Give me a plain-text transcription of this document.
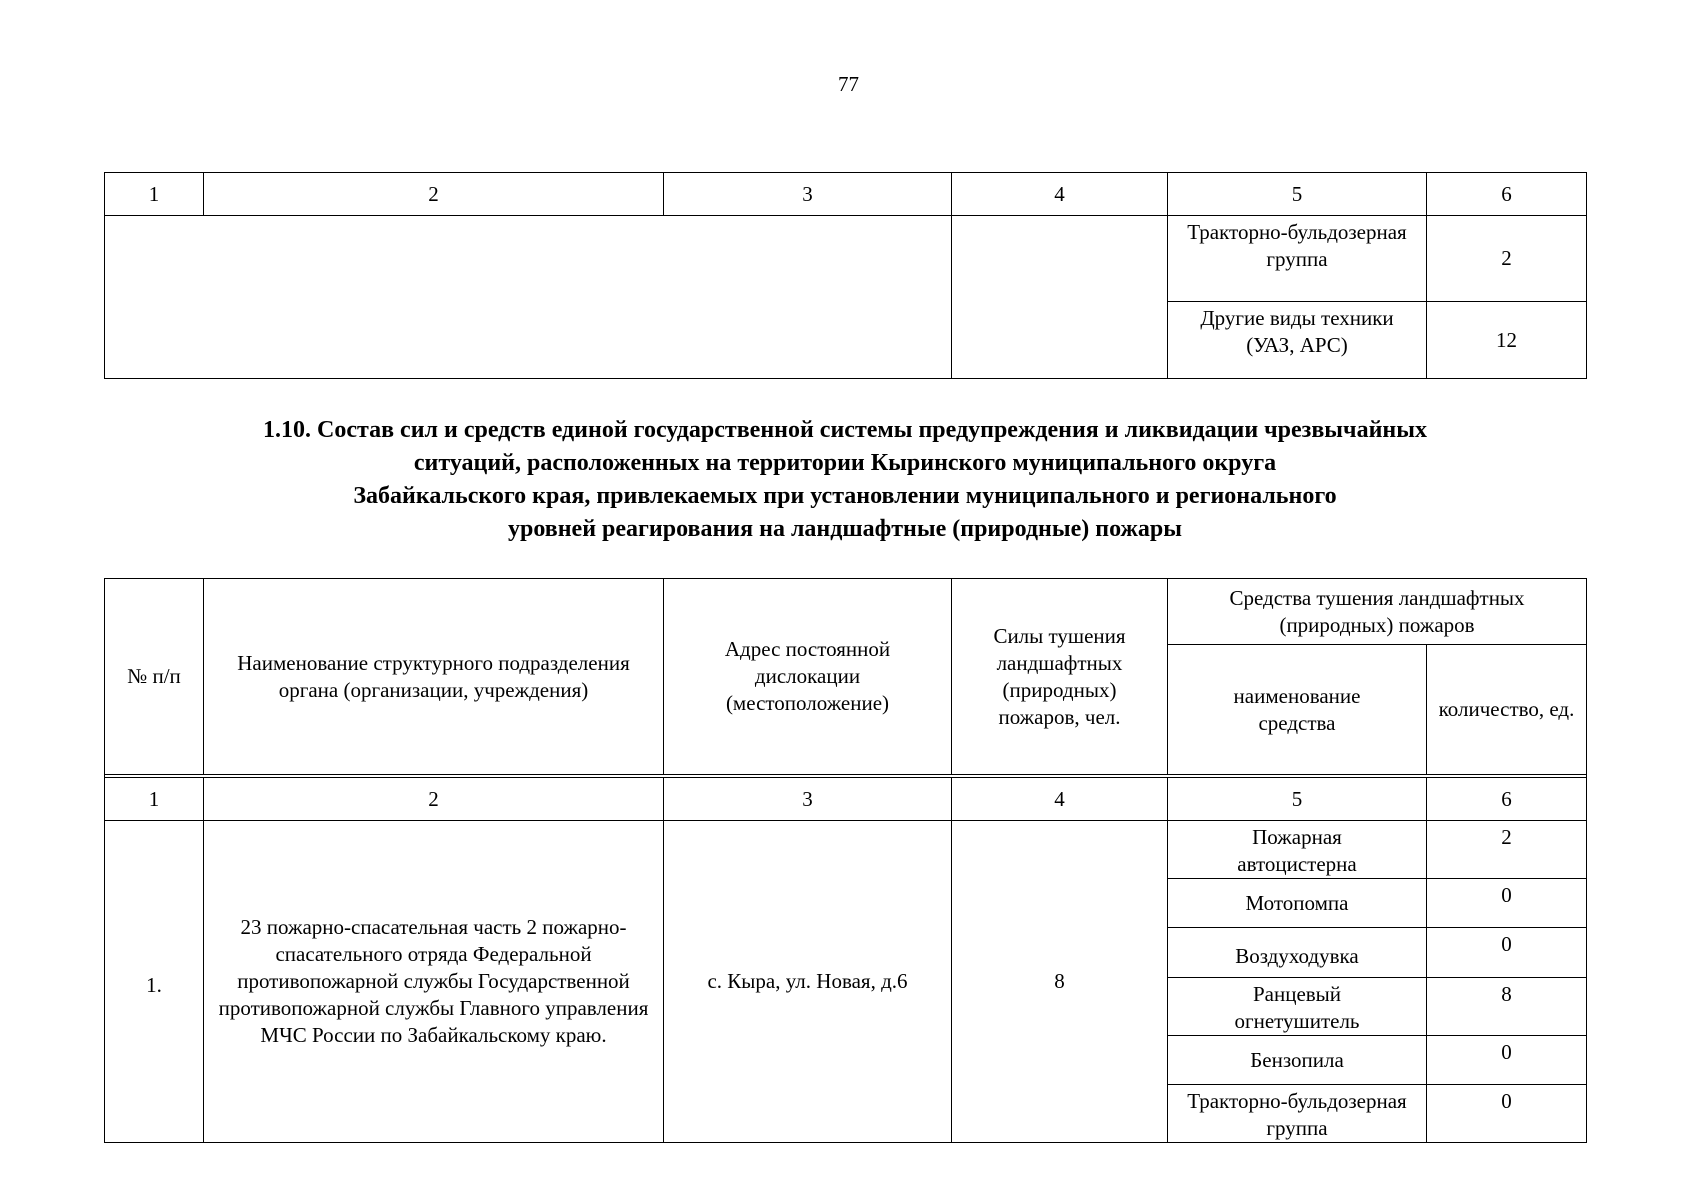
77
1	2	3	4	5	6
				Тракторно-бульдозерная группа	2
				Другие виды техники (УАЗ, АРС)	12
1.10. Состав сил и средств единой государственной системы предупреждения и ликвидации чрезвычайных
ситуаций, расположенных на территории Кыринского муниципального округа
Забайкальского края, привлекаемых при установлении муниципального и регионального
уровней реагирования на ландшафтные (природные) пожары
№ п/п	Наименование структурного подразделения органа (организации, учреждения)	Адрес постоянной дислокации (местоположение)	Силы тушения ландшафтных (природных) пожаров, чел.	Средства тушения ландшафтных (природных) пожаров	
				наименование средства	количество, ед.

1	2	3	4	5	6
1.	23 пожарно-спасательная часть 2 пожарно-спасательного отряда Федеральной противопожарной службы Государственной противопожарной службы Главного управления МЧС России по Забайкальскому краю.	с. Кыра, ул. Новая, д.6	8	Пожарная автоцистерна	2
				Мотопомпа	0
				Воздуходувка	0
				Ранцевый огнетушитель	8
				Бензопила	0
				Тракторно-бульдозерная группа	0
